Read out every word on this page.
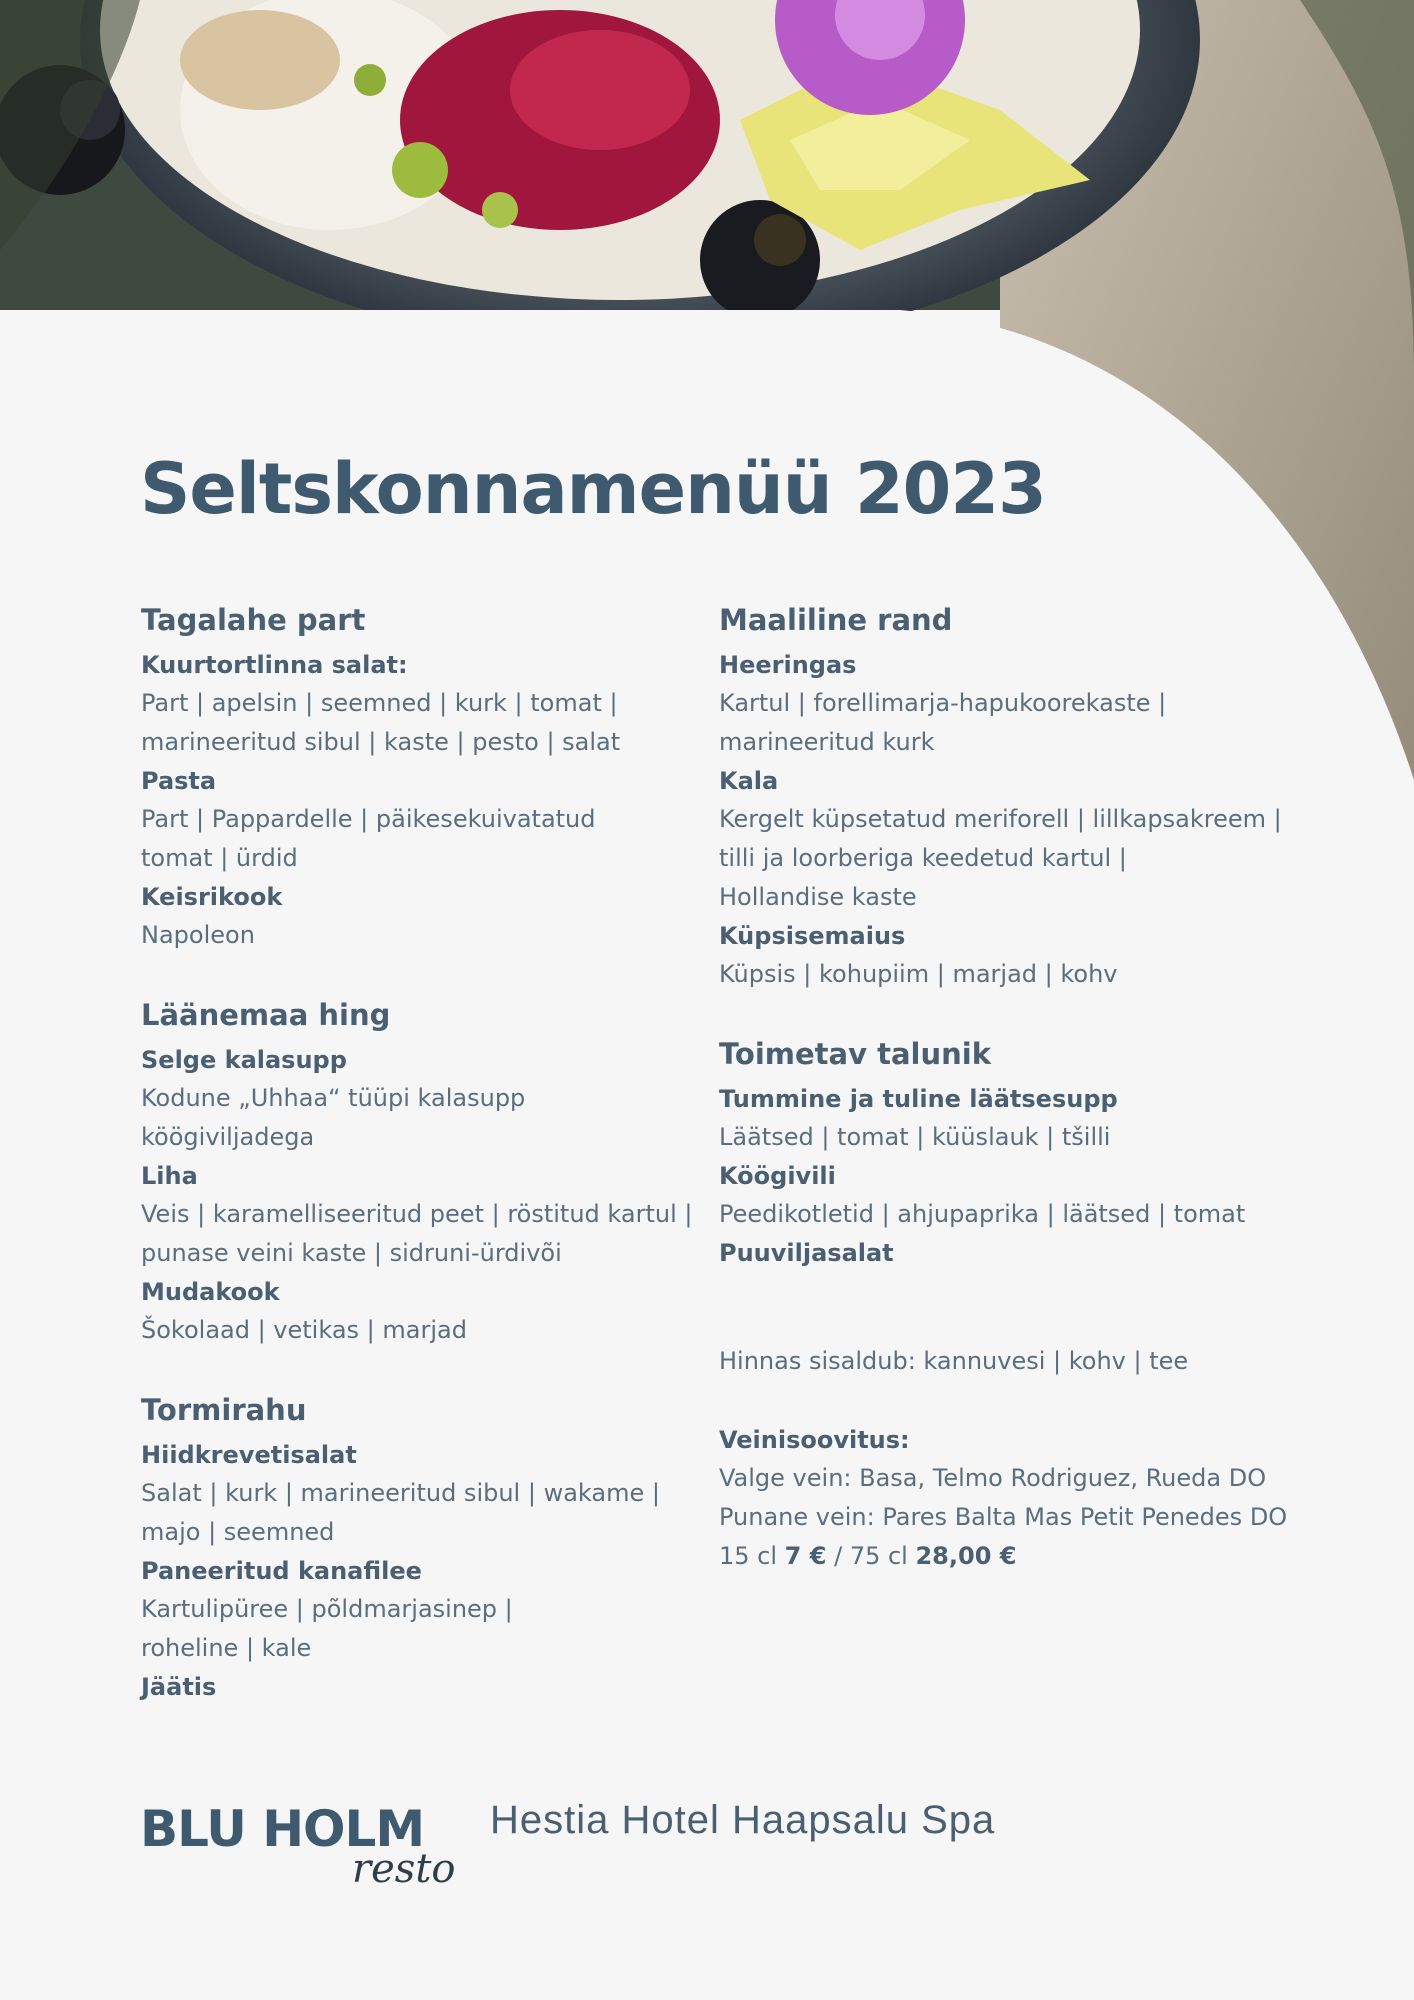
Seltskonnamenüü 2023
Tagalahe part
Kuurtortlinna salat:

Part | apelsin | seemned | kurk | tomat |

marineeritud sibul | kaste | pesto | salat

Pasta

Part | Pappardelle | päikesekuivatatud

tomat | ürdid

Keisrikook

Napoleon

Läänemaa hing
Selge kalasupp

Kodune „Uhhaa“ tüüpi kalasupp

köögiviljadega

Liha

Veis | karamelliseeritud peet | röstitud kartul |

punase veini kaste | sidruni-ürdivõi

Mudakook

Šokolaad | vetikas | marjad

Tormirahu
Hiidkrevetisalat

Salat | kurk | marineeritud sibul | wakame |

majo | seemned

Paneeritud kanafilee

Kartulipüree | põldmarjasinep |

roheline | kale

Jäätis
Maaliline rand
Heeringas

Kartul | forellimarja-hapukoorekaste |

marineeritud kurk

Kala

Kergelt küpsetatud meriforell | lillkapsakreem |

tilli ja loorberiga keedetud kartul |

Hollandise kaste

Küpsisemaius

Küpsis | kohupiim | marjad | kohv

Toimetav talunik
Tummine ja tuline läätsesupp

Läätsed | tomat | küüslauk | tšilli

Köögivili

Peedikotletid | ahjupaprika | läätsed | tomat

Puuviljasalat

Hinnas sisaldub: kannuvesi | kohv | tee

Veinisoovitus:

Valge vein: Basa, Telmo Rodriguez, Rueda DO

Punane vein: Pares Balta Mas Petit Penedes DO

15 cl 7 € / 75 cl 28,00 €

BLU HOLM
resto
Hestia Hotel Haapsalu Spa
